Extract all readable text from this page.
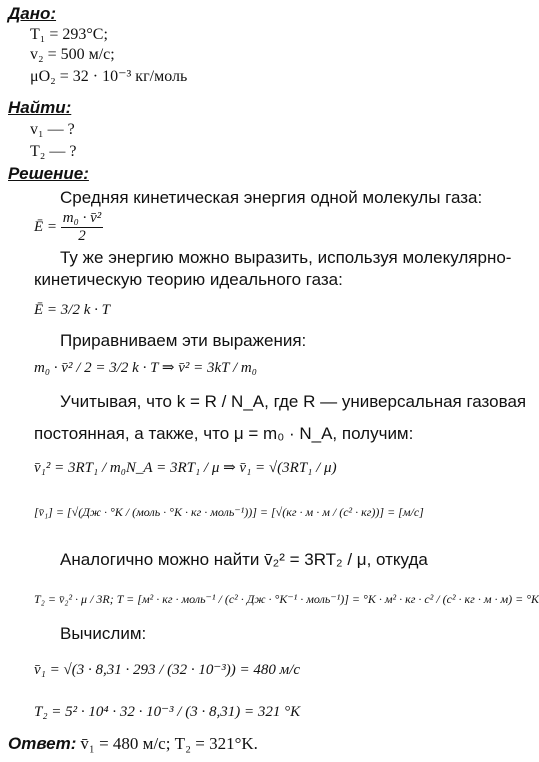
Дано:
T₁ = 293°C;
v₂ = 500 м/с;
μO₂ = 32 · 10⁻³ кг/моль
Найти:
v₁ — ?
T₂ — ?
Решение:
Средняя кинетическая энергия одной молекулы газа:
Ē = $\frac{\text{m₀ · v̄²}}{2}$
Ту же энергию можно выразить, используя молекулярно-
кинетическую теорию идеального газа:
Ē = 3/2 k · T
Приравниваем эти выражения:
m₀ · v̄² / 2 = 3/2 k · T ⇒ v̄² = 3kT / m₀
Учитывая, что k = R / N_A, где R — универсальная газовая
постоянная, а также, что μ = m₀ · N_A, получим:
v̄₁² = 3RT₁ / m₀N_A = 3RT₁ / μ ⇒ v̄₁ = √(3RT₁ / μ)
[v̄₁] = [√(Дж · °K / (моль · °K · кг · моль⁻¹))] = [√(кг · м · м / (с² · кг))] = [м/с]
Аналогично можно найти v̄₂² = 3RT₂ / μ, откуда
T₂ = v̄₂² · μ / 3R; T = [м² · кг · моль⁻¹ / (с² · Дж · °K⁻¹ · моль⁻¹)] = °K · м² · кг · с² / (с² · кг · м · м) = °K
Вычислим:
v̄₁ = √(3 · 8,31 · 293 / (32 · 10⁻³)) = 480 м/с
T₂ = 5² · 10⁴ · 32 · 10⁻³ / (3 · 8,31) = 321 °K
Ответ: v̄₁ = 480 м/с; T₂ = 321°K.
